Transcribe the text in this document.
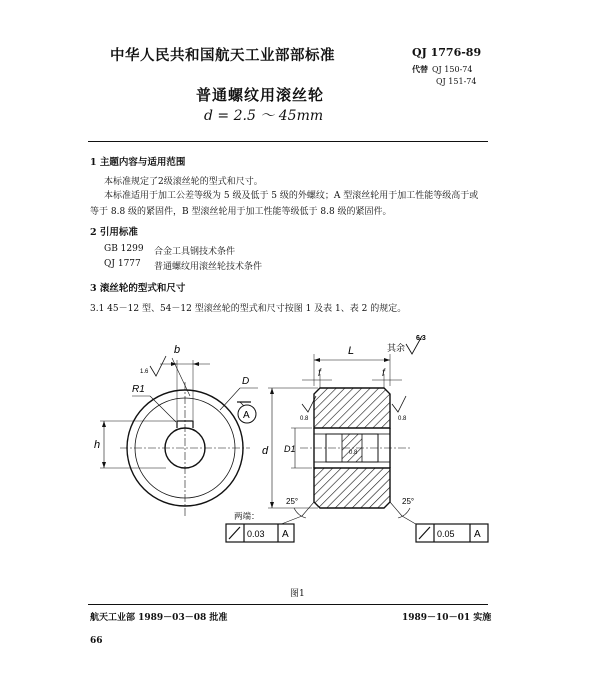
中华人民共和国航天工业部部标准	QJ 1776-89
代替 QJ 150-74
QJ 151-74
普通螺纹用滚丝轮
d = 2.5 ～ 45mm
1 主题内容与适用范围
本标准规定了2级滚丝轮的型式和尺寸。
本标准适用于加工公差等级为 5 级及低于 5 级的外螺纹；A 型滚丝轮用于加工性能等级高于或
等于 8.8 级的紧固件，B 型滚丝轮用于加工性能等级低于 8.8 级的紧固件。
2 引用标准
GB 1299 合金工具钢技术条件
QJ 1777 普通螺纹用滚丝轮技术条件
3 滚丝轮的型式和尺寸
3.1 45－12 型、54－12 型滚丝轮的型式和尺寸按图 1 及表 1、表 2 的规定。
b
1.6
R1
D
A
h
L
f	f
d D1
0.8	0.8
0.8
其余
6.3
25°	25°
两端：
0.03 A	0.05 A
图1
航天工业部 1989－03－08 批准	1989－10－01 实施
66
